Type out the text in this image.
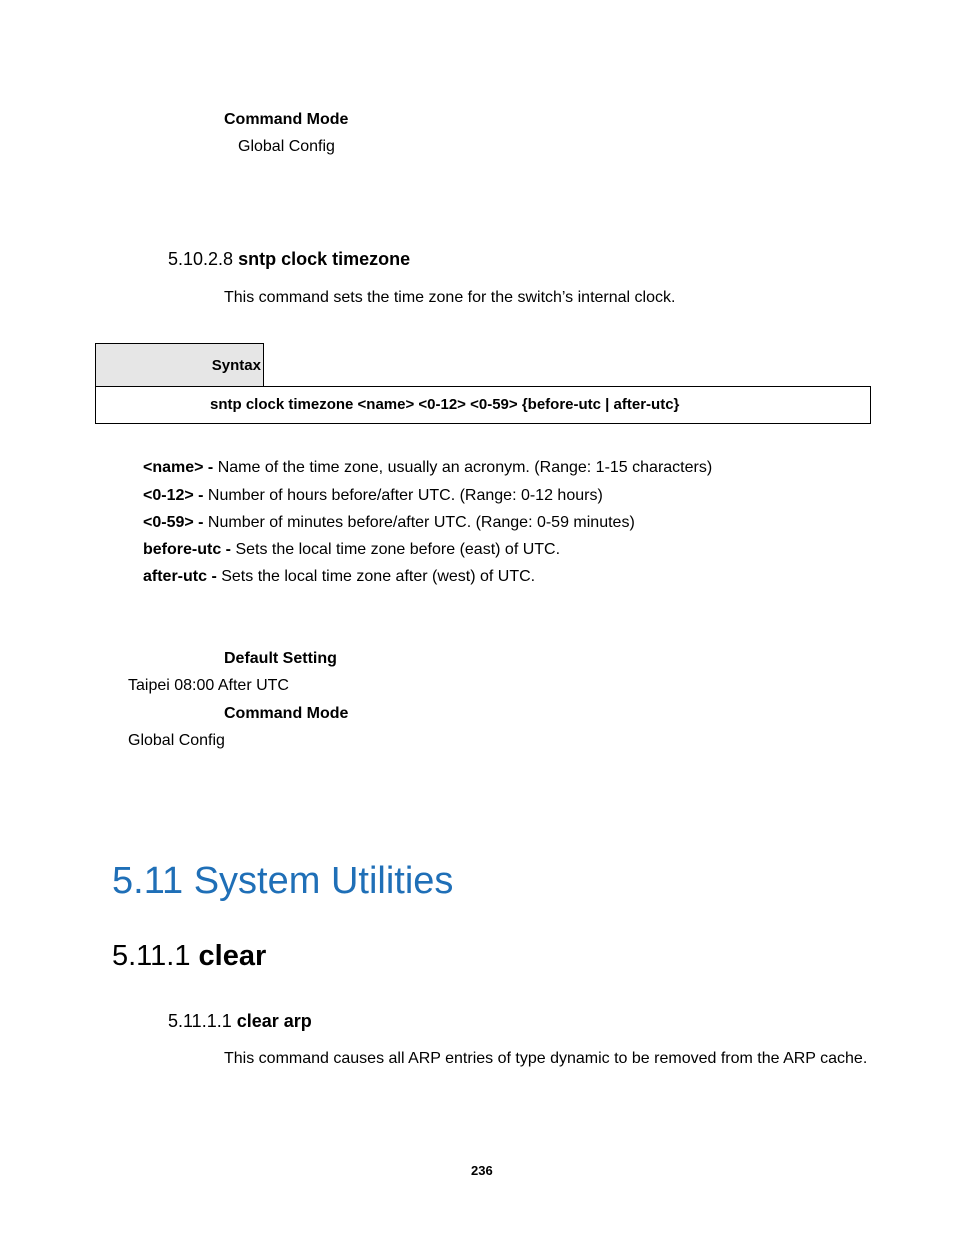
Command Mode
Global Config
5.10.2.8 sntp clock timezone
This command sets the time zone for the switch’s internal clock.
Syntax
sntp clock timezone <name> <0-12> <0-59> {before-utc | after-utc}
<name> - Name of the time zone, usually an acronym. (Range: 1-15 characters)
<0-12> - Number of hours before/after UTC. (Range: 0-12 hours)
<0-59> - Number of minutes before/after UTC. (Range: 0-59 minutes)
before-utc - Sets the local time zone before (east) of UTC.
after-utc - Sets the local time zone after (west) of UTC.
Default Setting
Taipei 08:00 After UTC
Command Mode
Global Config
5.11 System Utilities
5.11.1 clear
5.11.1.1 clear arp
This command causes all ARP entries of type dynamic to be removed from the ARP cache.
236
